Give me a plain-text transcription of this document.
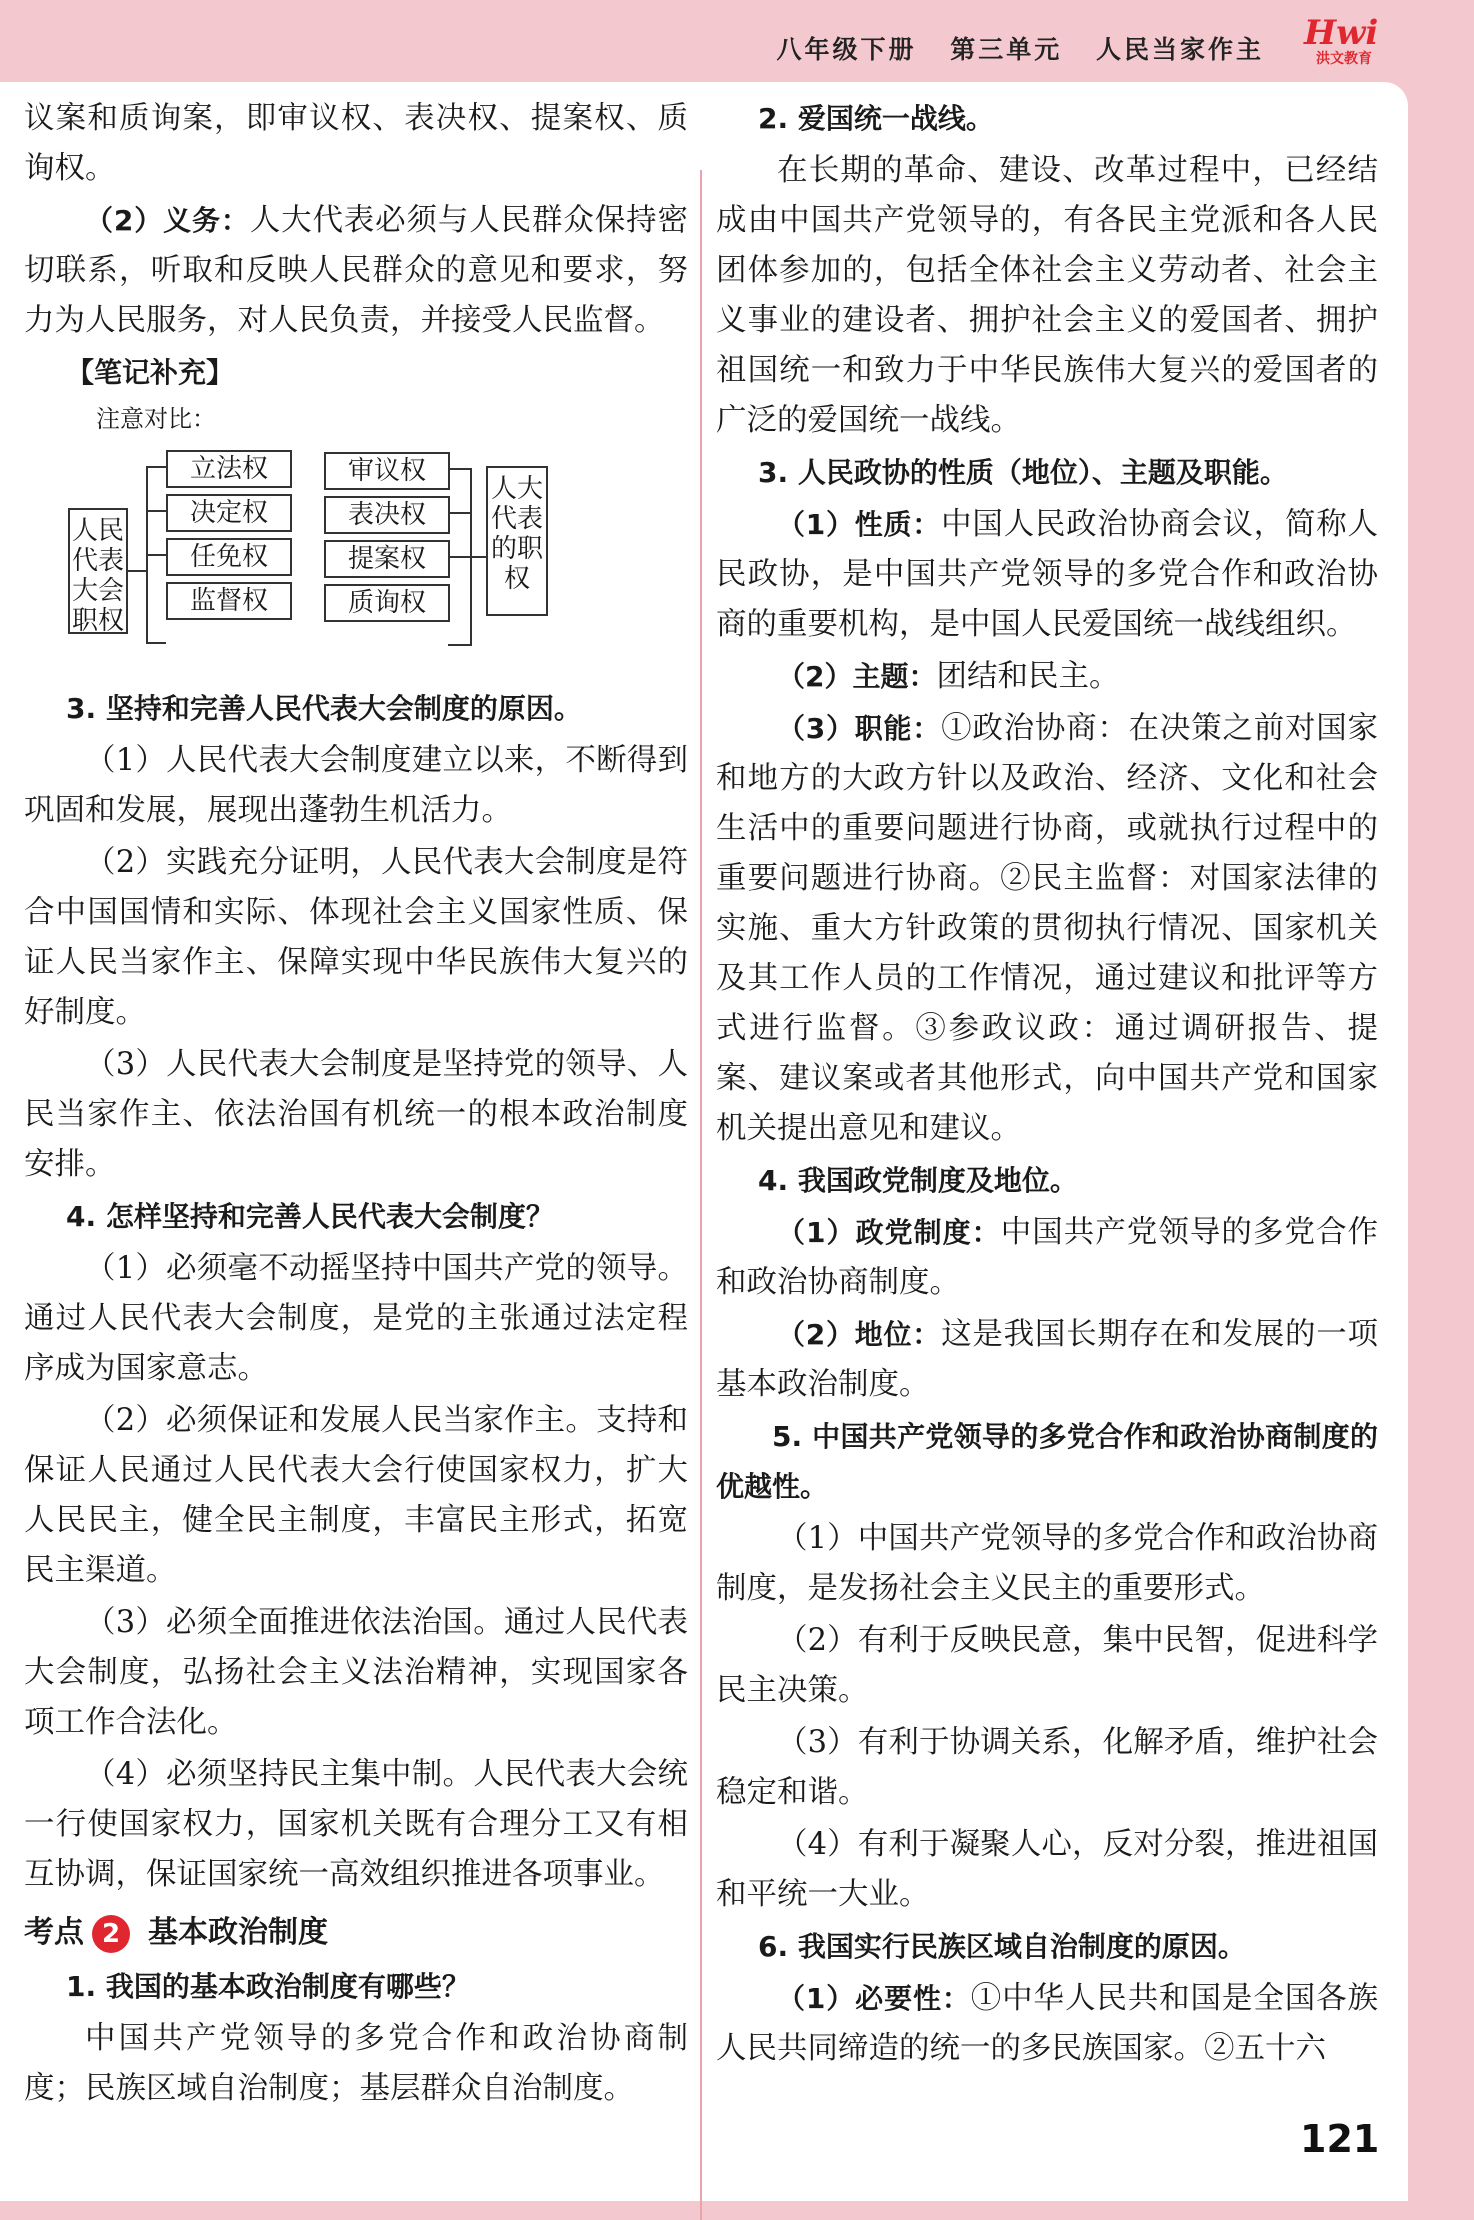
八年级下册 第三单元 人民当家作主 Hwi
洪文教育

议案和质询案，即审议权、表决权、提案权、质询权。

（2）义务：人大代表必须与人民群众保持密切联系，听取和反映人民群众的意见和要求，努力为人民服务，对人民负责，并接受人民监督。

【笔记补充】
注意对比：
人民代表大会职权
立法权
决定权
任免权
监督权
审议权
表决权
提案权
质询权
人大代表的职权

3. 坚持和完善人民代表大会制度的原因。

（1）人民代表大会制度建立以来，不断得到巩固和发展，展现出蓬勃生机活力。

（2）实践充分证明，人民代表大会制度是符合中国国情和实际、体现社会主义国家性质、保证人民当家作主、保障实现中华民族伟大复兴的好制度。

（3）人民代表大会制度是坚持党的领导、人民当家作主、依法治国有机统一的根本政治制度安排。

4. 怎样坚持和完善人民代表大会制度？

（1）必须毫不动摇坚持中国共产党的领导。通过人民代表大会制度，是党的主张通过法定程序成为国家意志。

（2）必须保证和发展人民当家作主。支持和保证人民通过人民代表大会行使国家权力，扩大人民民主，健全民主制度，丰富民主形式，拓宽民主渠道。

（3）必须全面推进依法治国。通过人民代表大会制度，弘扬社会主义法治精神，实现国家各项工作合法化。

（4）必须坚持民主集中制。人民代表大会统一行使国家权力，国家机关既有合理分工又有相互协调，保证国家统一高效组织推进各项事业。

考点 2 基本政治制度

1. 我国的基本政治制度有哪些？

中国共产党领导的多党合作和政治协商制度；民族区域自治制度；基层群众自治制度。

2. 爱国统一战线。

在长期的革命、建设、改革过程中，已经结成由中国共产党领导的，有各民主党派和各人民团体参加的，包括全体社会主义劳动者、社会主义事业的建设者、拥护社会主义的爱国者、拥护祖国统一和致力于中华民族伟大复兴的爱国者的广泛的爱国统一战线。

3. 人民政协的性质（地位）、主题及职能。

（1）性质：中国人民政治协商会议，简称人民政协，是中国共产党领导的多党合作和政治协商的重要机构，是中国人民爱国统一战线组织。

（2）主题：团结和民主。

（3）职能：①政治协商：在决策之前对国家和地方的大政方针以及政治、经济、文化和社会生活中的重要问题进行协商，或就执行过程中的重要问题进行协商。②民主监督：对国家法律的实施、重大方针政策的贯彻执行情况、国家机关及其工作人员的工作情况，通过建议和批评等方式进行监督。③参政议政：通过调研报告、提案、建议案或者其他形式，向中国共产党和国家机关提出意见和建议。

4. 我国政党制度及地位。

（1）政党制度：中国共产党领导的多党合作和政治协商制度。

（2）地位：这是我国长期存在和发展的一项基本政治制度。

5. 中国共产党领导的多党合作和政治协商制度的优越性。

（1）中国共产党领导的多党合作和政治协商制度，是发扬社会主义民主的重要形式。

（2）有利于反映民意，集中民智，促进科学民主决策。

（3）有利于协调关系，化解矛盾，维护社会稳定和谐。

（4）有利于凝聚人心，反对分裂，推进祖国和平统一大业。

6. 我国实行民族区域自治制度的原因。

（1）必要性：①中华人民共和国是全国各族人民共同缔造的统一的多民族国家。②五十六

121
